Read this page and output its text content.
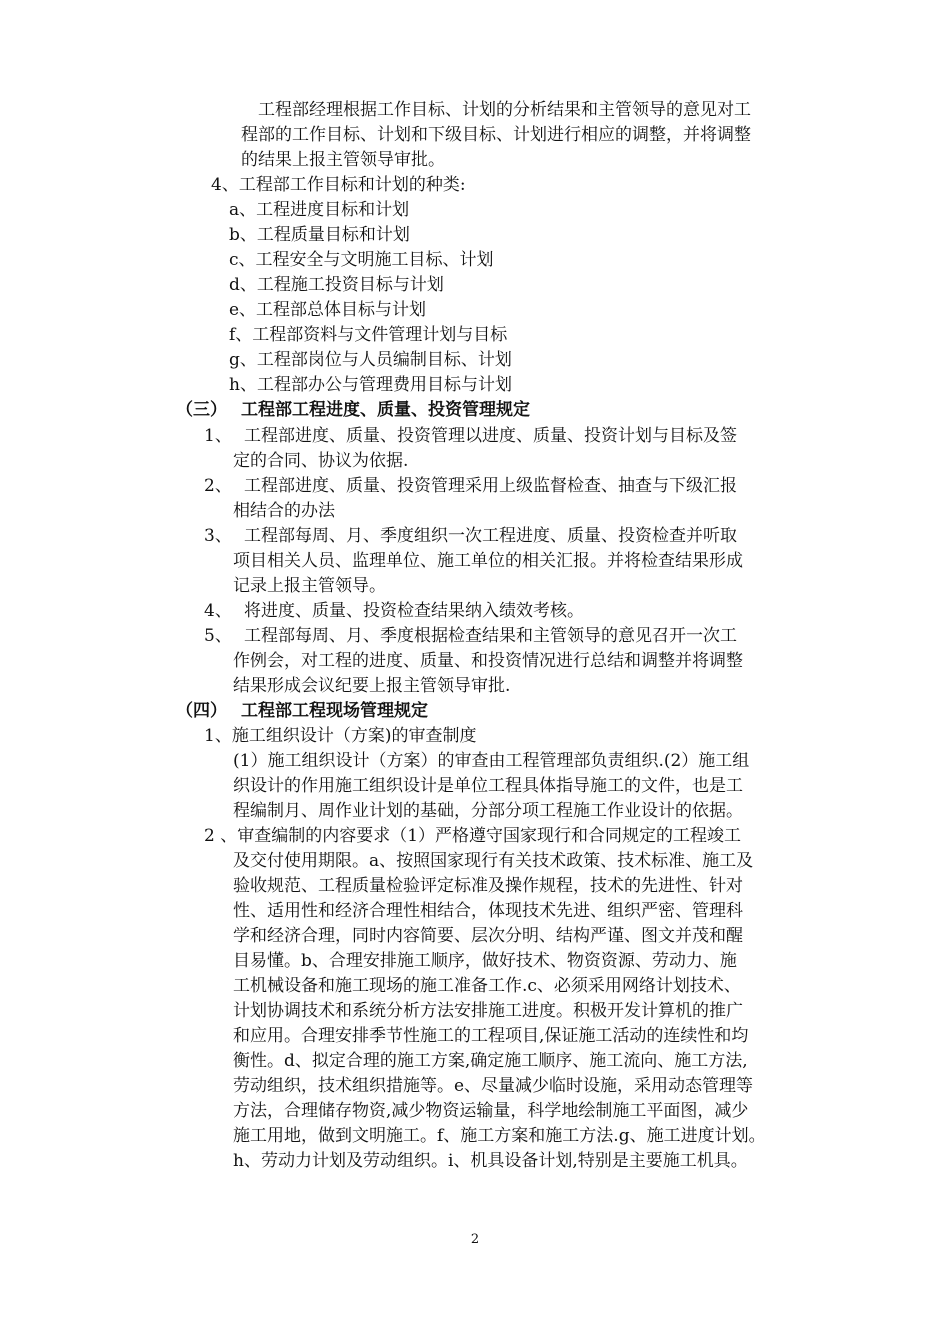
工程部经理根据工作目标、计划的分析结果和主管领导的意见对工
程部的工作目标、计划和下级目标、计划进行相应的调整，并将调整
的结果上报主管领导审批。
4、工程部工作目标和计划的种类:
a、工程进度目标和计划
b、工程质量目标和计划
c、工程安全与文明施工目标、计划
d、工程施工投资目标与计划
e、工程部总体目标与计划
f、工程部资料与文件管理计划与目标
g、工程部岗位与人员编制目标、计划
h、工程部办公与管理费用目标与计划
（三） 工程部工程进度、质量、投资管理规定
1、 工程部进度、质量、投资管理以进度、质量、投资计划与目标及签
定的合同、协议为依据.
2、 工程部进度、质量、投资管理采用上级监督检查、抽查与下级汇报
相结合的办法
3、 工程部每周、月、季度组织一次工程进度、质量、投资检查并听取
项目相关人员、监理单位、施工单位的相关汇报。并将检查结果形成
记录上报主管领导。
4、 将进度、质量、投资检查结果纳入绩效考核。
5、 工程部每周、月、季度根据检查结果和主管领导的意见召开一次工
作例会，对工程的进度、质量、和投资情况进行总结和调整并将调整
结果形成会议纪要上报主管领导审批.
（四） 工程部工程现场管理规定
1、施工组织设计（方案)的审查制度
(1）施工组织设计（方案）的审查由工程管理部负责组织.(2）施工组
织设计的作用施工组织设计是单位工程具体指导施工的文件，也是工
程编制月、周作业计划的基础，分部分项工程施工作业设计的依据。
2 、审查编制的内容要求（1）严格遵守国家现行和合同规定的工程竣工
及交付使用期限。a、按照国家现行有关技术政策、技术标准、施工及
验收规范、工程质量检验评定标准及操作规程，技术的先进性、针对
性、适用性和经济合理性相结合，体现技术先进、组织严密、管理科
学和经济合理，同时内容简要、层次分明、结构严谨、图文并茂和醒
目易懂。b、合理安排施工顺序，做好技术、物资资源、劳动力、施
工机械设备和施工现场的施工准备工作.c、必须采用网络计划技术、
计划协调技术和系统分析方法安排施工进度。积极开发计算机的推广
和应用。合理安排季节性施工的工程项目,保证施工活动的连续性和均
衡性。d、拟定合理的施工方案,确定施工顺序、施工流向、施工方法,
劳动组织，技术组织措施等。e、尽量减少临时设施，采用动态管理等
方法，合理储存物资,减少物资运输量，科学地绘制施工平面图，减少
施工用地，做到文明施工。f、施工方案和施工方法.g、施工进度计划。
h、劳动力计划及劳动组织。i、机具设备计划,特别是主要施工机具。
2
